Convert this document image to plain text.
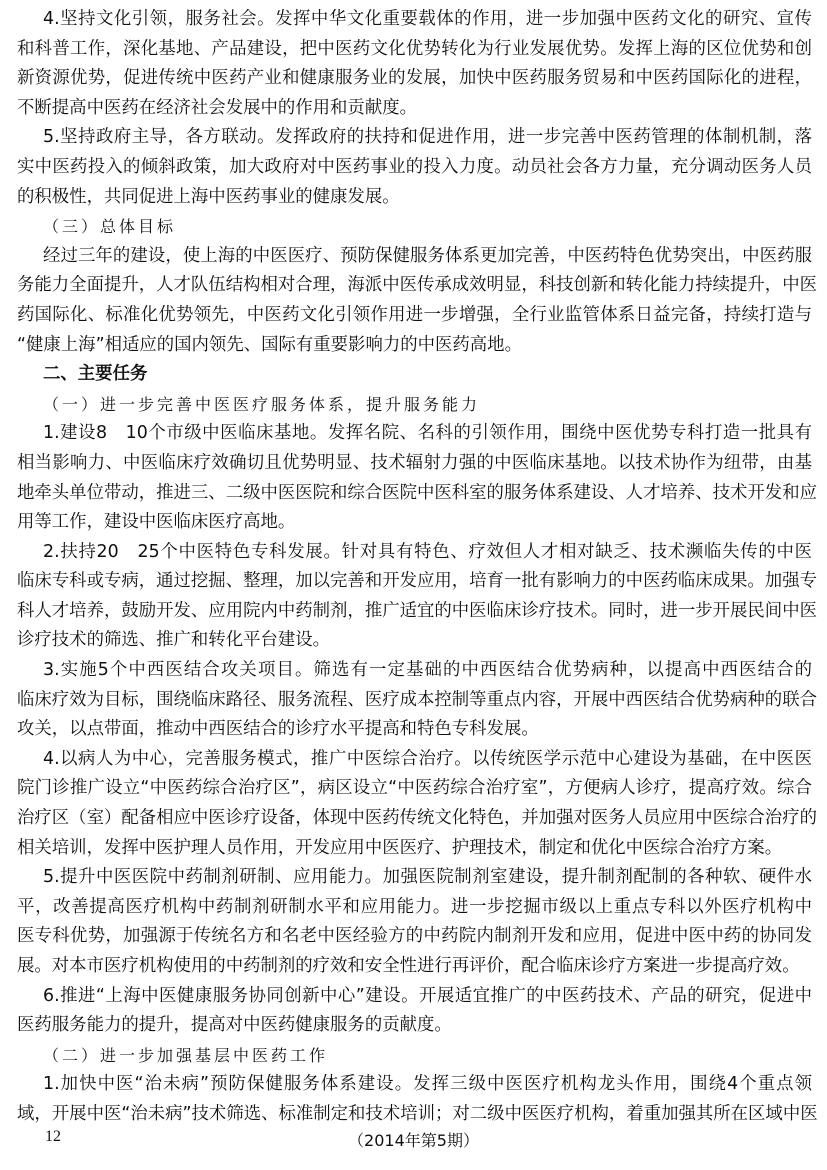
4.坚持文化引领，服务社会。发挥中华文化重要载体的作用，进一步加强中医药文化的研究、宣传
和科普工作，深化基地、产品建设，把中医药文化优势转化为行业发展优势。发挥上海的区位优势和创
新资源优势，促进传统中医药产业和健康服务业的发展，加快中医药服务贸易和中医药国际化的进程，
不断提高中医药在经济社会发展中的作用和贡献度。
5.坚持政府主导，各方联动。发挥政府的扶持和促进作用，进一步完善中医药管理的体制机制，落
实中医药投入的倾斜政策，加大政府对中医药事业的投入力度。动员社会各方力量，充分调动医务人员
的积极性，共同促进上海中医药事业的健康发展。
（三）总体目标
经过三年的建设，使上海的中医医疗、预防保健服务体系更加完善，中医药特色优势突出，中医药服
务能力全面提升，人才队伍结构相对合理，海派中医传承成效明显，科技创新和转化能力持续提升，中医
药国际化、标准化优势领先，中医药文化引领作用进一步增强，全行业监管体系日益完备，持续打造与
“健康上海”相适应的国内领先、国际有重要影响力的中医药高地。
二、主要任务
（一）进一步完善中医医疗服务体系，提升服务能力
1.建设8　10个市级中医临床基地。发挥名院、名科的引领作用，围绕中医优势专科打造一批具有
相当影响力、中医临床疗效确切且优势明显、技术辐射力强的中医临床基地。以技术协作为纽带，由基
地牵头单位带动，推进三、二级中医医院和综合医院中医科室的服务体系建设、人才培养、技术开发和应
用等工作，建设中医临床医疗高地。
2.扶持20　25个中医特色专科发展。针对具有特色、疗效但人才相对缺乏、技术濒临失传的中医
临床专科或专病，通过挖掘、整理，加以完善和开发应用，培育一批有影响力的中医药临床成果。加强专
科人才培养，鼓励开发、应用院内中药制剂，推广适宜的中医临床诊疗技术。同时，进一步开展民间中医
诊疗技术的筛选、推广和转化平台建设。
3.实施5个中西医结合攻关项目。筛选有一定基础的中西医结合优势病种，以提高中西医结合的
临床疗效为目标，围绕临床路径、服务流程、医疗成本控制等重点内容，开展中西医结合优势病种的联合
攻关，以点带面，推动中西医结合的诊疗水平提高和特色专科发展。
4.以病人为中心，完善服务模式，推广中医综合治疗。以传统医学示范中心建设为基础，在中医医
院门诊推广设立“中医药综合治疗区”，病区设立“中医药综合治疗室”，方便病人诊疗，提高疗效。综合
治疗区（室）配备相应中医诊疗设备，体现中医药传统文化特色，并加强对医务人员应用中医综合治疗的
相关培训，发挥中医护理人员作用，开发应用中医医疗、护理技术，制定和优化中医综合治疗方案。
5.提升中医医院中药制剂研制、应用能力。加强医院制剂室建设，提升制剂配制的各种软、硬件水
平，改善提高医疗机构中药制剂研制水平和应用能力。进一步挖掘市级以上重点专科以外医疗机构中
医专科优势，加强源于传统名方和名老中医经验方的中药院内制剂开发和应用，促进中医中药的协同发
展。对本市医疗机构使用的中药制剂的疗效和安全性进行再评价，配合临床诊疗方案进一步提高疗效。
6.推进“上海中医健康服务协同创新中心”建设。开展适宜推广的中医药技术、产品的研究，促进中
医药服务能力的提升，提高对中医药健康服务的贡献度。
（二）进一步加强基层中医药工作
1.加快中医“治未病”预防保健服务体系建设。发挥三级中医医疗机构龙头作用，围绕4个重点领
域，开展中医“治未病”技术筛选、标准制定和技术培训；对二级中医医疗机构，着重加强其所在区域中医
12	（2014年第5期）
